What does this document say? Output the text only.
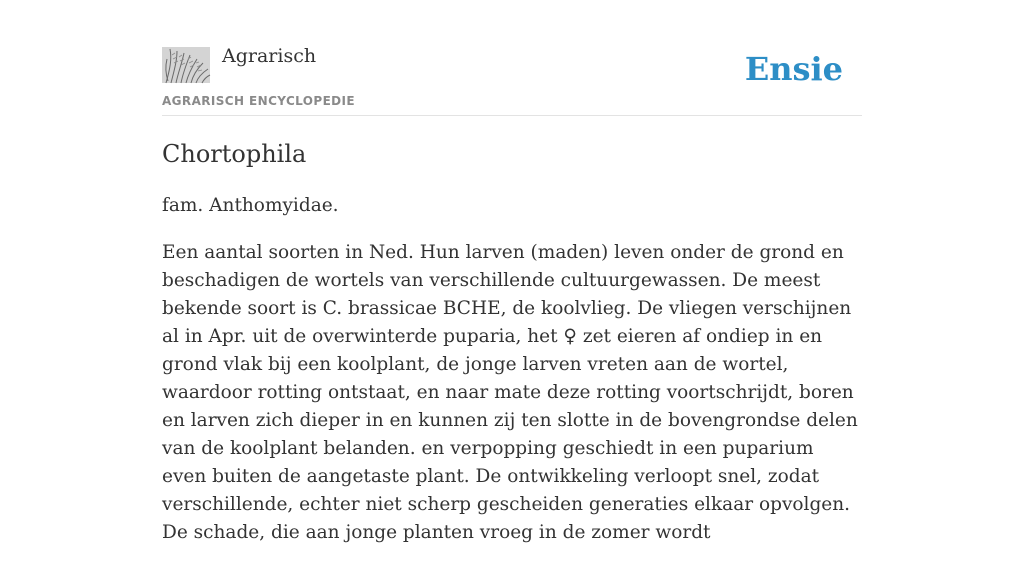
Agrarisch
AGRARISCH ENCYCLOPEDIE
Ensie
Chortophila

fam. Anthomyidae.

Een aantal soorten in Ned. Hun larven (maden) leven onder de grond en beschadigen de wortels van verschillende cultuurgewassen. De meest bekende soort is C. brassicae BCHE, de koolvlieg. De vliegen verschijnen al in Apr. uit de overwinterde puparia, het ♀ zet eieren af ondiep in en grond vlak bij een koolplant, de jonge larven vreten aan de wortel, waardoor rotting ontstaat, en naar mate deze rotting voortschrijdt, boren en larven zich dieper in en kunnen zij ten slotte in de bovengrondse delen van de koolplant belanden. en verpopping geschiedt in een puparium even buiten de aangetaste plant. De ontwikkeling verloopt snel, zodat verschillende, echter niet scherp gescheiden generaties elkaar opvolgen. De schade, die aan jonge planten vroeg in de zomer wordt
